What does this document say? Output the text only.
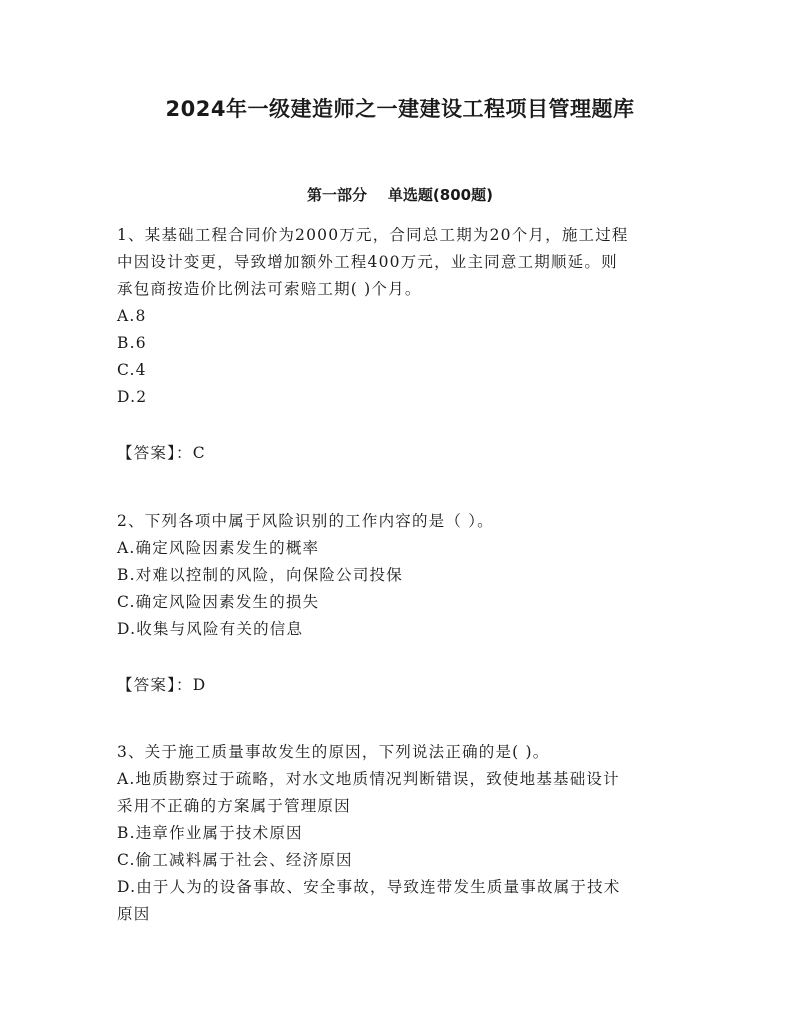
2024年一级建造师之一建建设工程项目管理题库
第一部分    单选题(800题)
1、某基础工程合同价为2000万元，合同总工期为20个月，施工过程
中因设计变更，导致增加额外工程400万元，业主同意工期顺延。则
承包商按造价比例法可索赔工期( )个月。
A.8
B.6
C.4
D.2
【答案】：C
2、下列各项中属于风险识别的工作内容的是（ ）。
A.确定风险因素发生的概率
B.对难以控制的风险，向保险公司投保
C.确定风险因素发生的损失
D.收集与风险有关的信息
【答案】：D
3、关于施工质量事故发生的原因，下列说法正确的是( )。
A.地质勘察过于疏略，对水文地质情况判断错误，致使地基基础设计
采用不正确的方案属于管理原因
B.违章作业属于技术原因
C.偷工减料属于社会、经济原因
D.由于人为的设备事故、安全事故，导致连带发生质量事故属于技术
原因
